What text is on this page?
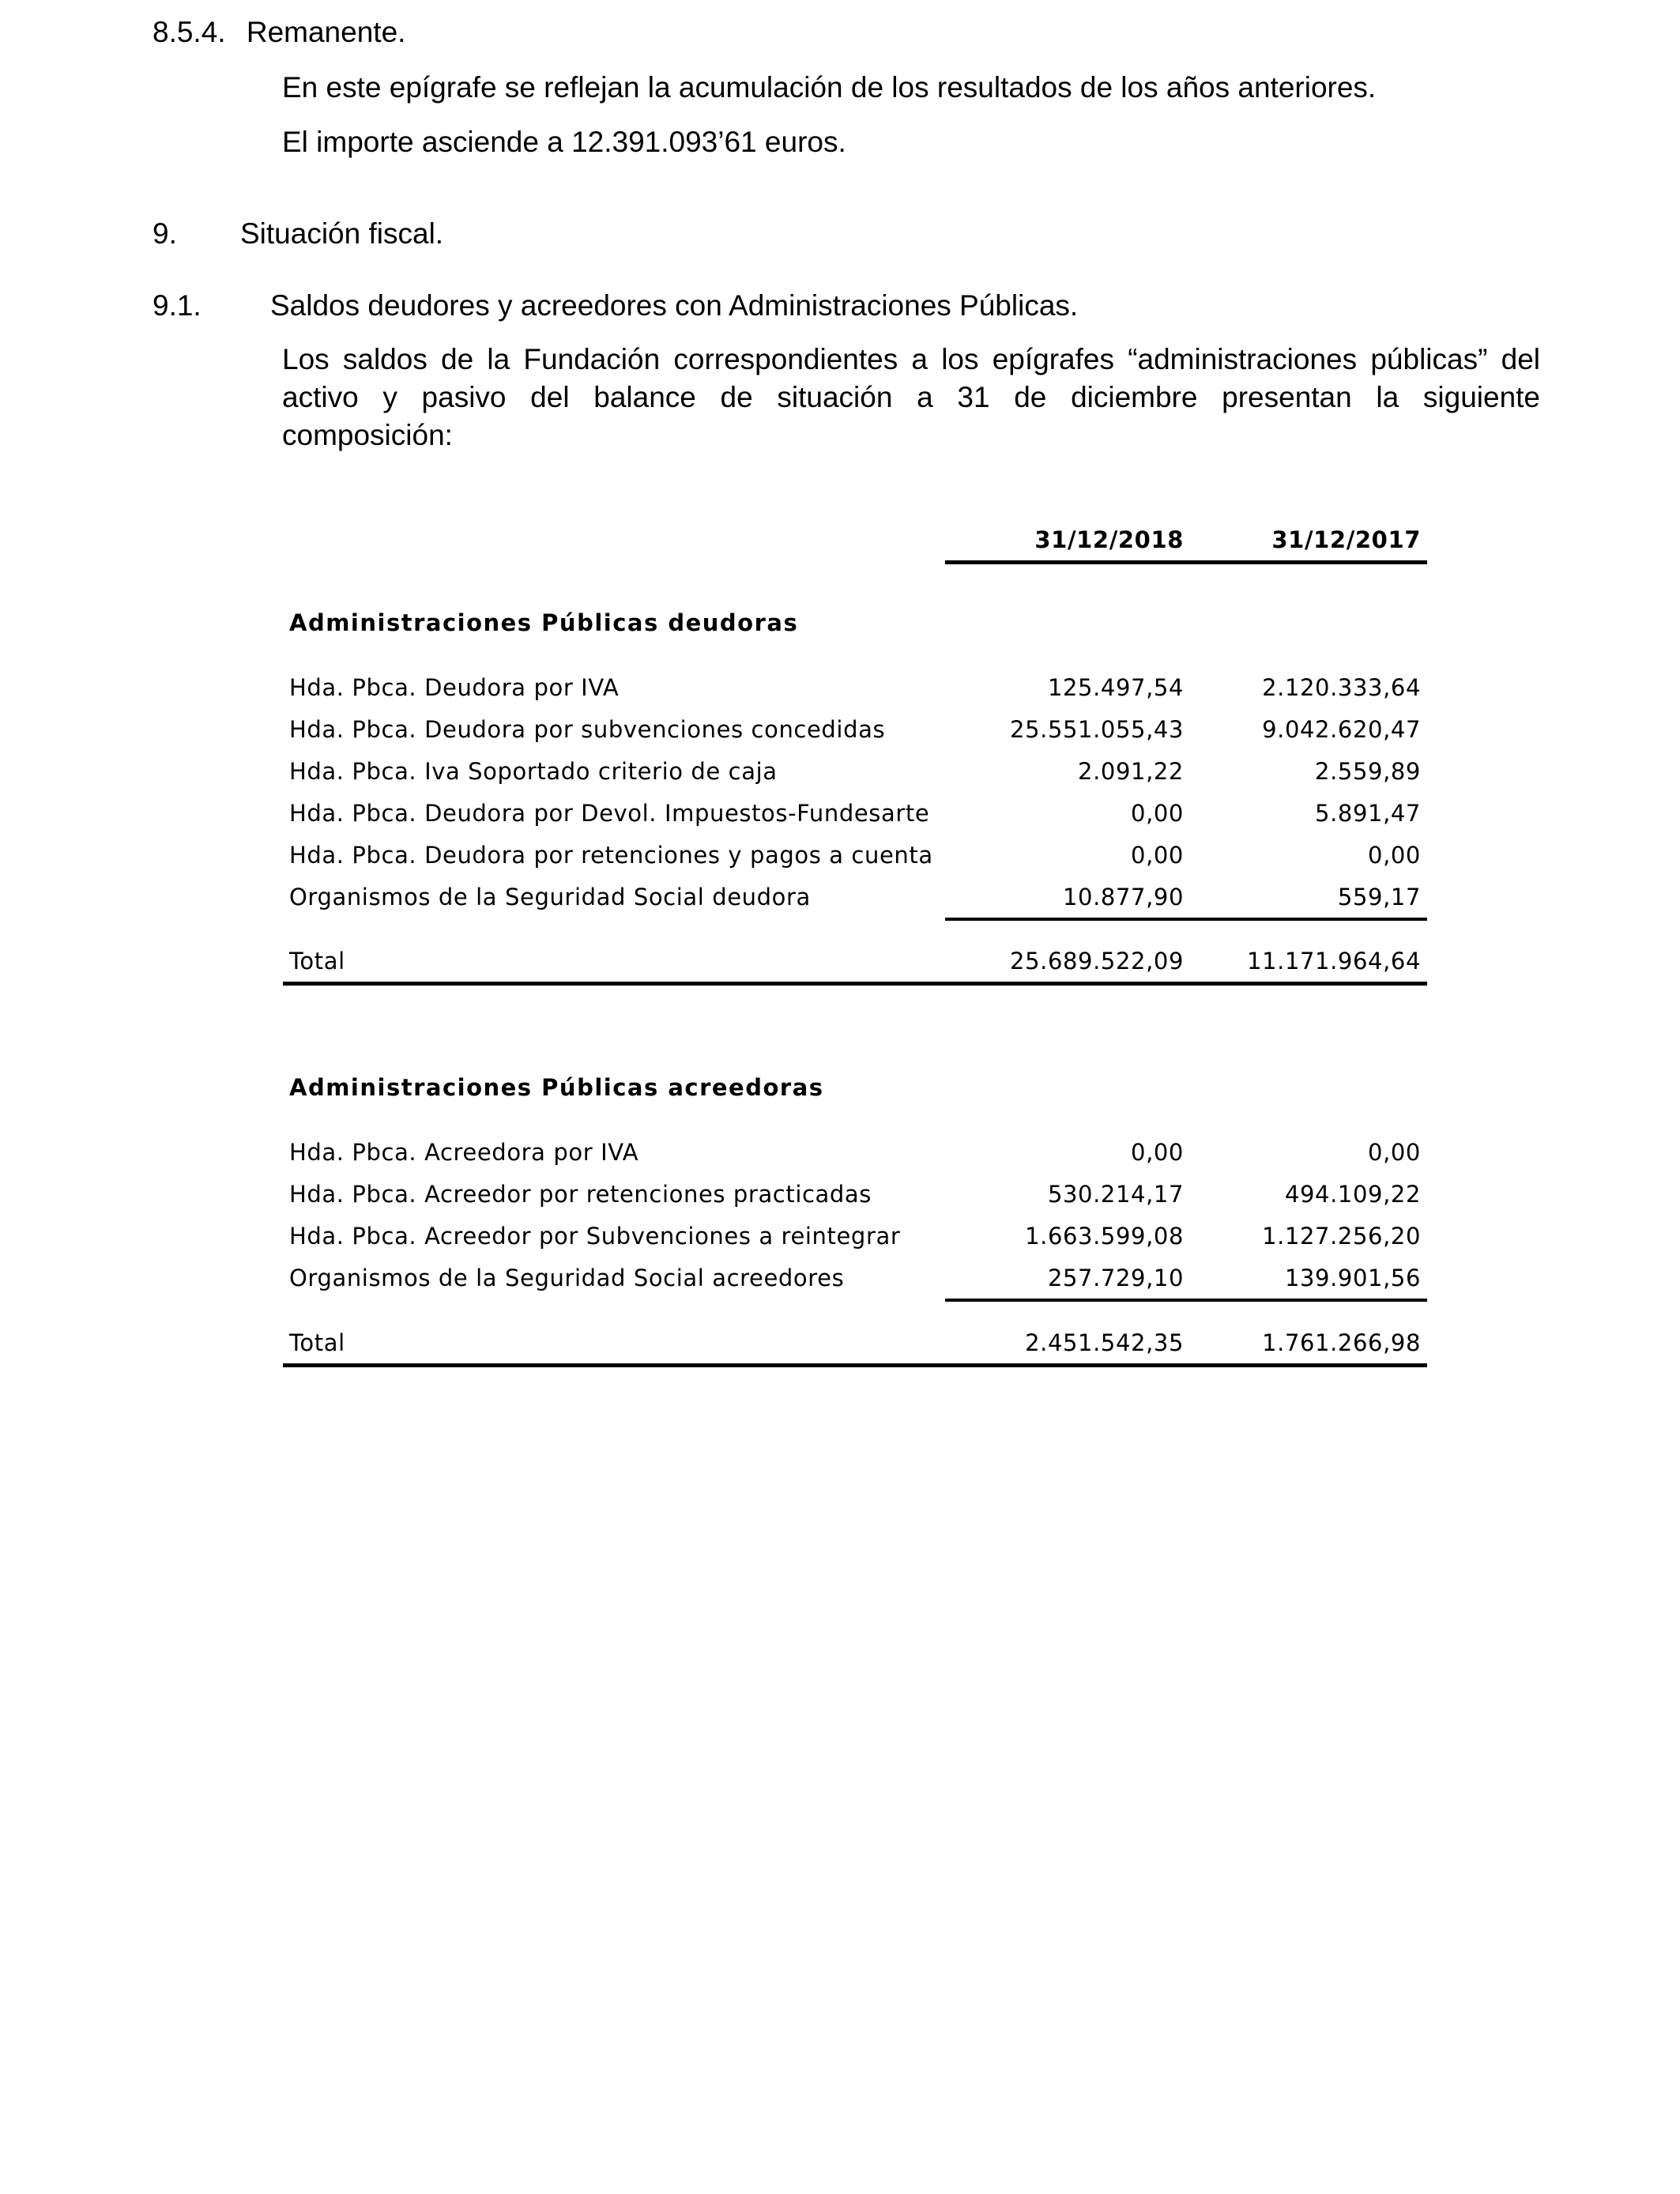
8.5.4. Remanente.
En este epígrafe se reflejan la acumulación de los resultados de los años anteriores.
El importe asciende a 12.391.093’61 euros.
9. Situación fiscal.
9.1. Saldos deudores y acreedores con Administraciones Públicas.
Los saldos de la Fundación correspondientes a los epígrafes “administraciones públicas” del
activo y pasivo del balance de situación a 31 de diciembre presentan la siguiente
composición:
31/12/2018	31/12/2017
Administraciones Públicas deudoras
Hda. Pbca. Deudora por IVA	125.497,54	2.120.333,64
Hda. Pbca. Deudora por subvenciones concedidas	25.551.055,43	9.042.620,47
Hda. Pbca. Iva Soportado criterio de caja	2.091,22	2.559,89
Hda. Pbca. Deudora por Devol. Impuestos-Fundesarte	0,00	5.891,47
Hda. Pbca. Deudora por retenciones y pagos a cuenta	0,00	0,00
Organismos de la Seguridad Social deudora	10.877,90	559,17
Total	25.689.522,09	11.171.964,64
Administraciones Públicas acreedoras
Hda. Pbca. Acreedora por IVA	0,00	0,00
Hda. Pbca. Acreedor por retenciones practicadas	530.214,17	494.109,22
Hda. Pbca. Acreedor por Subvenciones a reintegrar	1.663.599,08	1.127.256,20
Organismos de la Seguridad Social acreedores	257.729,10	139.901,56
Total	2.451.542,35	1.761.266,98
